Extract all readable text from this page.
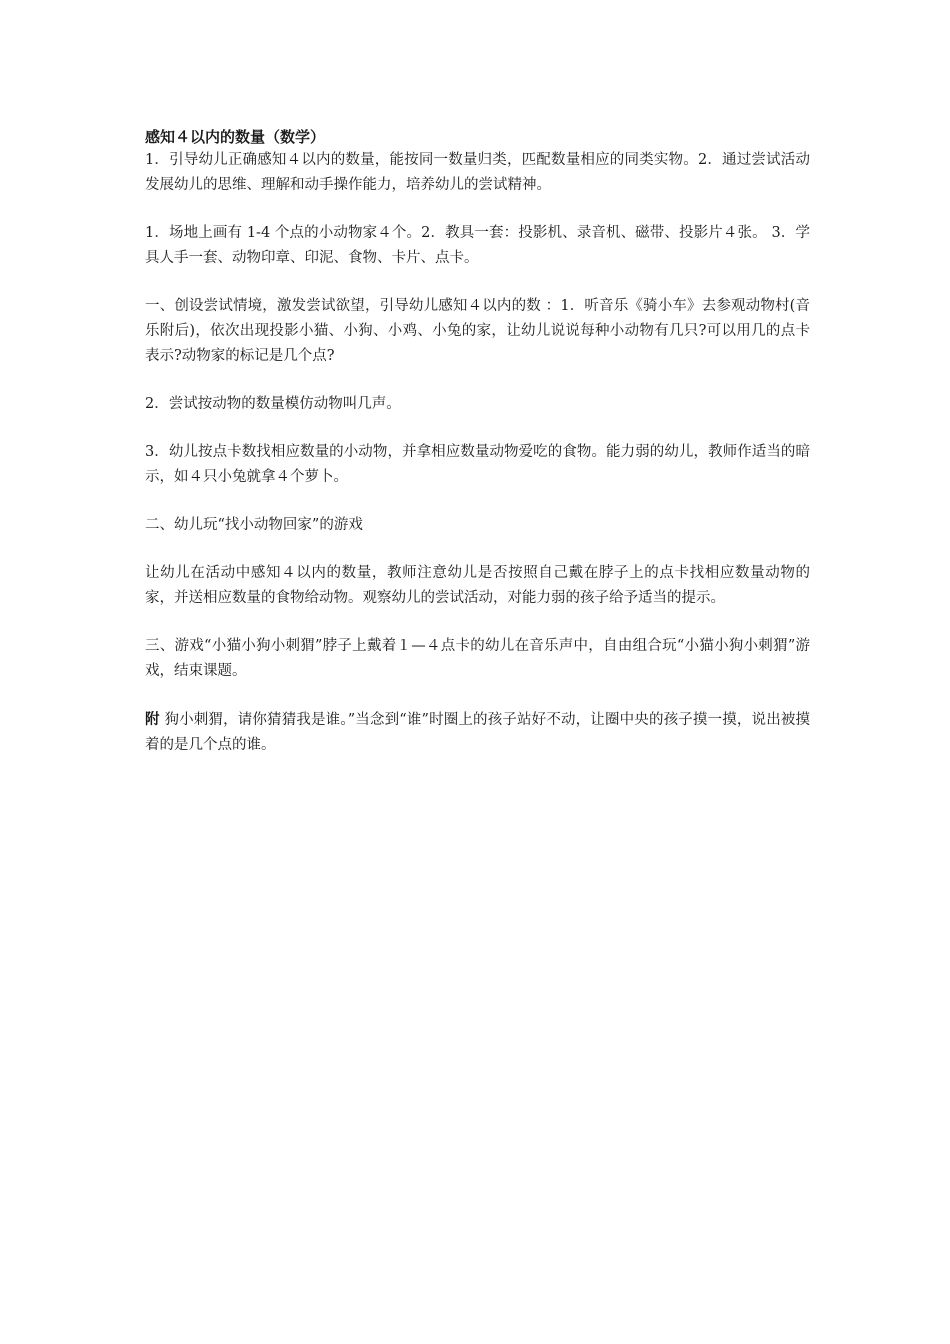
感知４以内的数量（数学）

1．引导幼儿正确感知４以内的数量，能按同一数量归类，匹配数量相应的同类实物。2．通过尝试活动发展幼儿的思维、理解和动手操作能力，培养幼儿的尝试精神。

1．场地上画有 1-4 个点的小动物家４个。2．教具一套：投影机、录音机、磁带、投影片４张。 3．学具人手一套、动物印章、印泥、食物、卡片、点卡。

一、创设尝试情境，激发尝试欲望，引导幼儿感知４以内的数 ：1．听音乐《骑小车》去参观动物村(音乐附后)，依次出现投影小猫、小狗、小鸡、小兔的家，让幼儿说说每种小动物有几只?可以用几的点卡表示?动物家的标记是几个点?

2．尝试按动物的数量模仿动物叫几声。

3．幼儿按点卡数找相应数量的小动物，并拿相应数量动物爱吃的食物。能力弱的幼儿，教师作适当的暗示，如４只小兔就拿４个萝卜。

二、幼儿玩“找小动物回家”的游戏

让幼儿在活动中感知４以内的数量，教师注意幼儿是否按照自己戴在脖子上的点卡找相应数量动物的家，并送相应数量的食物给动物。观察幼儿的尝试活动，对能力弱的孩子给予适当的提示。

三、游戏“小猫小狗小刺猬”脖子上戴着１—４点卡的幼儿在音乐声中，自由组合玩“小猫小狗小刺猬”游戏，结束课题。

附 狗小刺猬，请你猜猜我是谁。”当念到“谁”时圈上的孩子站好不动，让圈中央的孩子摸一摸，说出被摸着的是几个点的谁。
